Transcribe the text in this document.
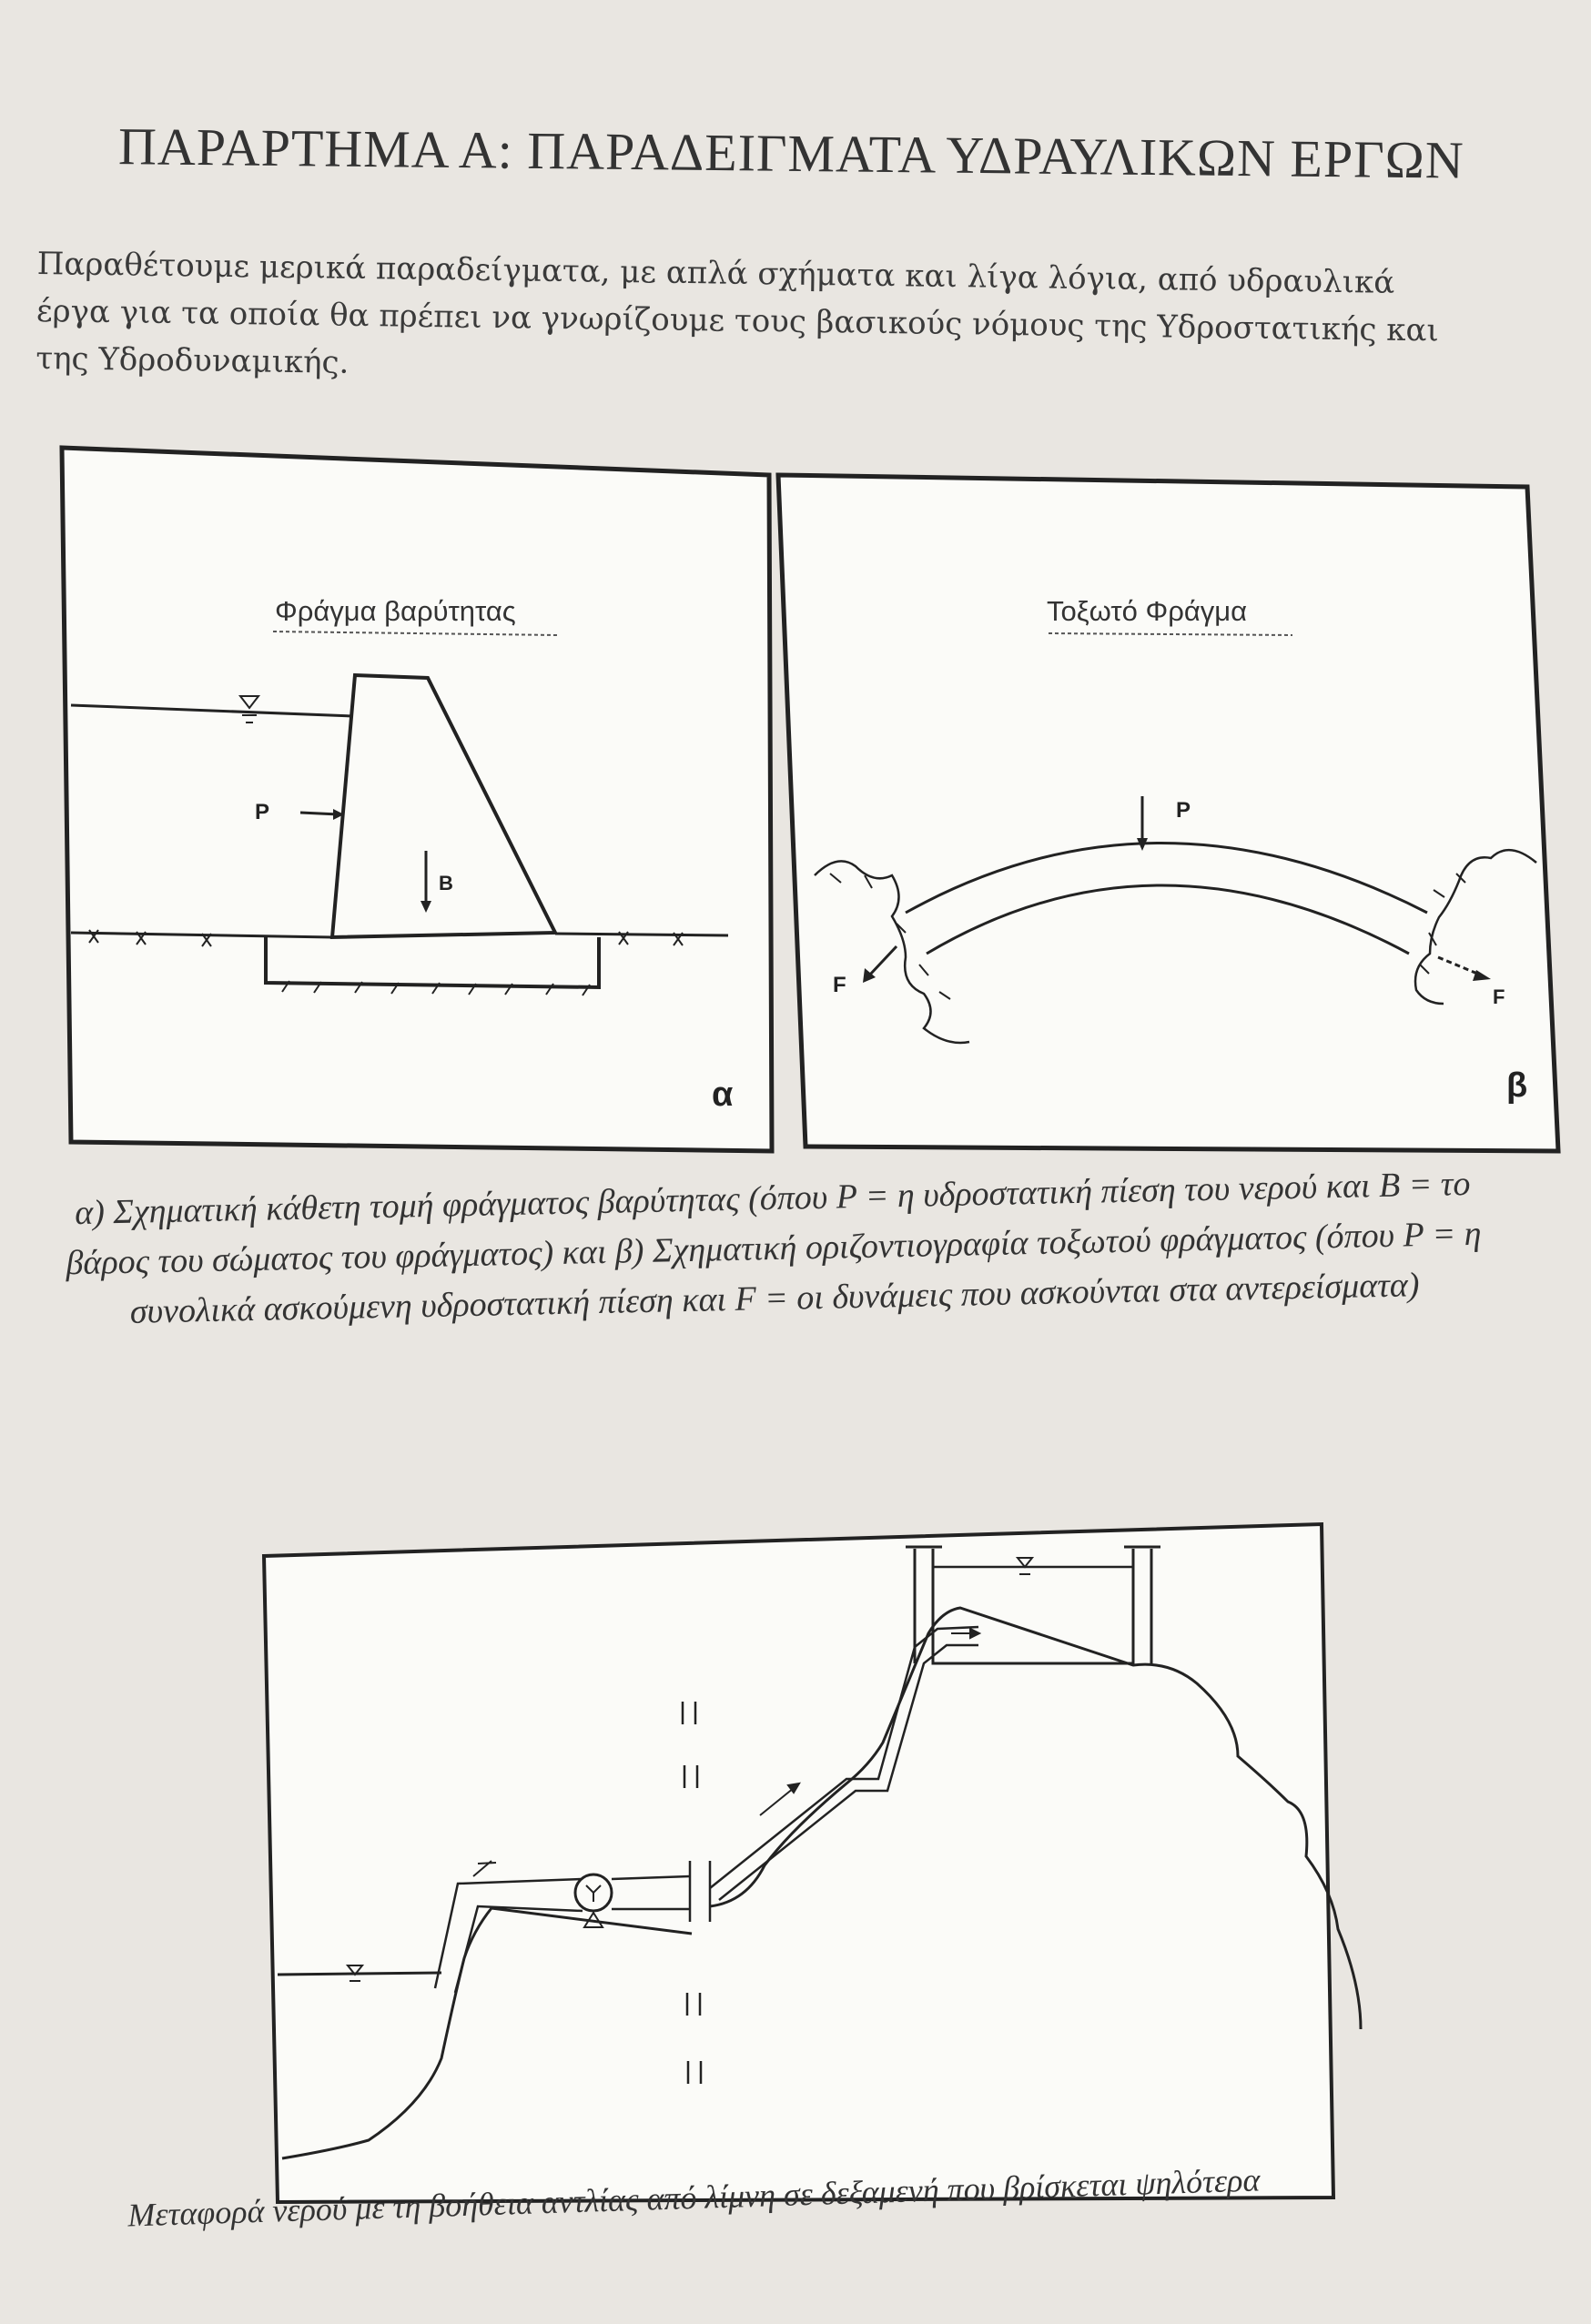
ΠΑΡΑΡΤΗΜΑ Α: ΠΑΡΑΔΕΙΓΜΑΤΑ ΥΔΡΑΥΛΙΚΩΝ ΕΡΓΩΝ
Παραθέτουμε μερικά παραδείγματα, με απλά σχήματα και λίγα λόγια, από υδραυλικά έργα για τα οποία θα πρέπει να γνωρίζουμε τους βασικούς νόμους της Υδροστατικής και της Υδροδυναμικής.
Φράγμα βαρύτητας
P
B
α
Τοξωτό Φράγμα
P
F	F
β
α) Σχηματική κάθετη τομή φράγματος βαρύτητας (όπου P = η υδροστατική πίεση του νερού και B = το βάρος του σώματος του φράγματος) και β) Σχηματική οριζοντιογραφία τοξωτού φράγματος (όπου P = η συνολικά ασκούμενη υδροστατική πίεση και F = οι δυνάμεις που ασκούνται στα αντερείσματα)
Μεταφορά νερού με τη βοήθεια αντλίας από λίμνη σε δεξαμενή που βρίσκεται ψηλότερα
